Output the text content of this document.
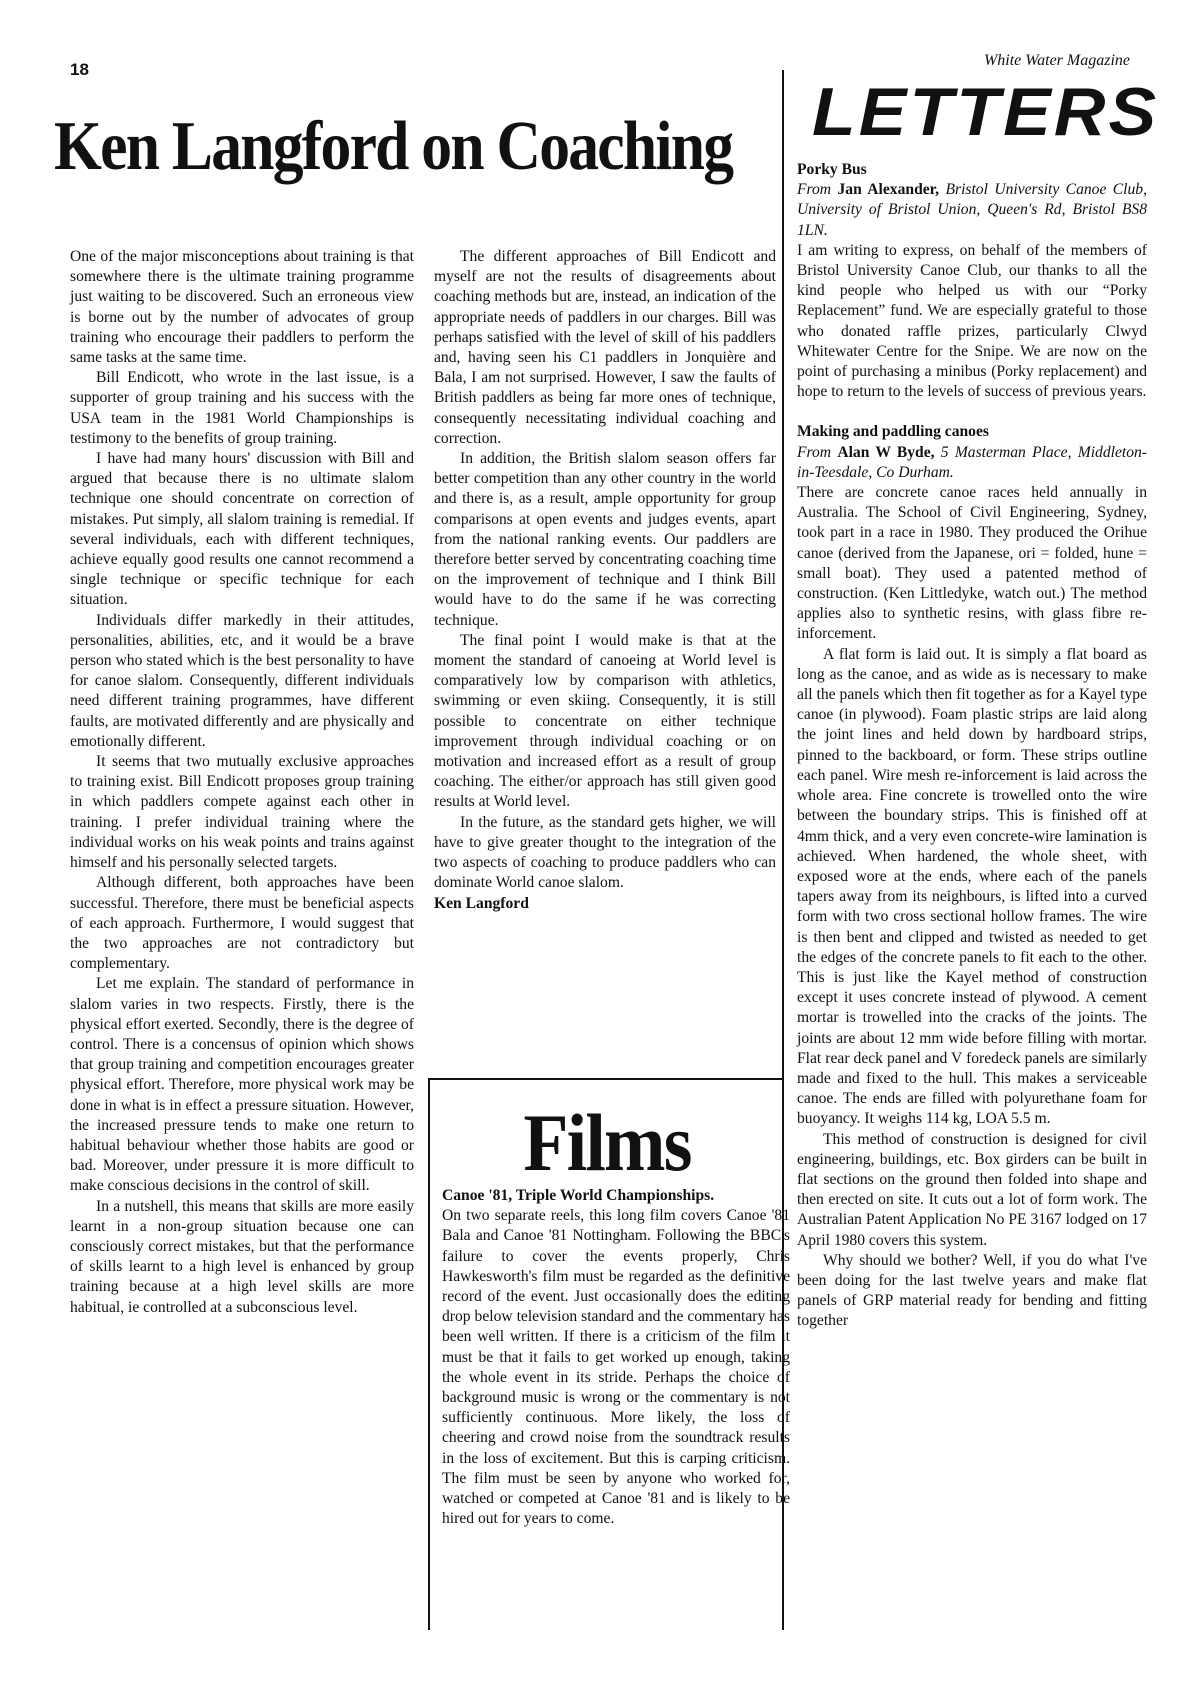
18	White Water Magazine
Ken Langford on Coaching LETTERS

One of the major misconceptions about training is that somewhere there is the ultimate training programme just waiting to be discovered. Such an erroneous view is borne out by the number of advocates of group training who encourage their paddlers to perform the same tasks at the same time.

Bill Endicott, who wrote in the last issue, is a supporter of group training and his success with the USA team in the 1981 World Championships is testimony to the benefits of group training.

I have had many hours' discussion with Bill and argued that because there is no ultimate slalom technique one should concentrate on correction of mistakes. Put simply, all slalom training is remedial. If several individuals, each with different techniques, achieve equally good results one cannot recommend a single technique or specific technique for each situation.

Individuals differ markedly in their attitudes, personalities, abilities, etc, and it would be a brave person who stated which is the best personality to have for canoe slalom. Consequently, different individuals need different training programmes, have different faults, are motivated differently and are physically and emotionally different.

It seems that two mutually exclusive approaches to training exist. Bill Endicott proposes group training in which paddlers compete against each other in training. I prefer individual training where the individual works on his weak points and trains against himself and his personally selected targets.

Although different, both approaches have been successful. Therefore, there must be beneficial aspects of each approach. Furthermore, I would suggest that the two approaches are not contradictory but complementary.

Let me explain. The standard of performance in slalom varies in two respects. Firstly, there is the physical effort exerted. Secondly, there is the degree of control. There is a concensus of opinion which shows that group training and competition encourages greater physical effort. Therefore, more physical work may be done in what is in effect a pressure situation. However, the increased pressure tends to make one return to habitual behaviour whether those habits are good or bad. Moreover, under pressure it is more difficult to make conscious decisions in the control of skill.

In a nutshell, this means that skills are more easily learnt in a non-group situation because one can consciously correct mistakes, but that the performance of skills learnt to a high level is enhanced by group training because at a high level skills are more habitual, ie controlled at a subconscious level.

The different approaches of Bill Endicott and myself are not the results of disagreements about coaching methods but are, instead, an indication of the appropriate needs of paddlers in our charges. Bill was perhaps satisfied with the level of skill of his paddlers and, having seen his C1 paddlers in Jonquière and Bala, I am not surprised. However, I saw the faults of British paddlers as being far more ones of technique, consequently necessitating individual coaching and correction.

In addition, the British slalom season offers far better competition than any other country in the world and there is, as a result, ample opportunity for group comparisons at open events and judges events, apart from the national ranking events. Our paddlers are therefore better served by concentrating coaching time on the improvement of technique and I think Bill would have to do the same if he was correcting technique.

The final point I would make is that at the moment the standard of canoeing at World level is comparatively low by comparison with athletics, swimming or even skiing. Consequently, it is still possible to concentrate on either technique improvement through individual coaching or on motivation and increased effort as a result of group coaching. The either/or approach has still given good results at World level.

In the future, as the standard gets higher, we will have to give greater thought to the integration of the two aspects of coaching to produce paddlers who can dominate World canoe slalom.

Ken Langford

Films

Canoe '81, Triple World Championships.

On two separate reels, this long film covers Canoe '81 Bala and Canoe '81 Nottingham. Following the BBC's failure to cover the events properly, Chris Hawkesworth's film must be regarded as the definitive record of the event. Just occasionally does the editing drop below television standard and the commentary has been well written. If there is a criticism of the film it must be that it fails to get worked up enough, taking the whole event in its stride. Perhaps the choice of background music is wrong or the commentary is not sufficiently continuous. More likely, the loss of cheering and crowd noise from the soundtrack results in the loss of excitement. But this is carping criticism. The film must be seen by anyone who worked for, watched or competed at Canoe '81 and is likely to be hired out for years to come.

Porky Bus

From Jan Alexander, Bristol University Canoe Club, University of Bristol Union, Queen's Rd, Bristol BS8 1LN.

I am writing to express, on behalf of the members of Bristol University Canoe Club, our thanks to all the kind people who helped us with our “Porky Replacement” fund. We are especially grateful to those who donated raffle prizes, particularly Clwyd Whitewater Centre for the Snipe. We are now on the point of purchasing a minibus (Porky replacement) and hope to return to the levels of success of previous years.

Making and paddling canoes

From Alan W Byde, 5 Masterman Place, Middleton-in-Teesdale, Co Durham.

There are concrete canoe races held annually in Australia. The School of Civil Engineering, Sydney, took part in a race in 1980. They produced the Orihue canoe (derived from the Japanese, ori = folded, hune = small boat). They used a patented method of construction. (Ken Littledyke, watch out.) The method applies also to synthetic resins, with glass fibre re-inforcement.

A flat form is laid out. It is simply a flat board as long as the canoe, and as wide as is necessary to make all the panels which then fit together as for a Kayel type canoe (in plywood). Foam plastic strips are laid along the joint lines and held down by hardboard strips, pinned to the backboard, or form. These strips outline each panel. Wire mesh re-inforcement is laid across the whole area. Fine concrete is trowelled onto the wire between the boundary strips. This is finished off at 4mm thick, and a very even concrete-wire lamination is achieved. When hardened, the whole sheet, with exposed wore at the ends, where each of the panels tapers away from its neighbours, is lifted into a curved form with two cross sectional hollow frames. The wire is then bent and clipped and twisted as needed to get the edges of the concrete panels to fit each to the other. This is just like the Kayel method of construction except it uses concrete instead of plywood. A cement mortar is trowelled into the cracks of the joints. The joints are about 12 mm wide before filling with mortar. Flat rear deck panel and V foredeck panels are similarly made and fixed to the hull. This makes a serviceable canoe. The ends are filled with polyurethane foam for buoyancy. It weighs 114 kg, LOA 5.5 m.

This method of construction is designed for civil engineering, buildings, etc. Box girders can be built in flat sections on the ground then folded into shape and then erected on site. It cuts out a lot of form work. The Australian Patent Application No PE 3167 lodged on 17 April 1980 covers this system.

Why should we bother? Well, if you do what I've been doing for the last twelve years and make flat panels of GRP material ready for bending and fitting together
